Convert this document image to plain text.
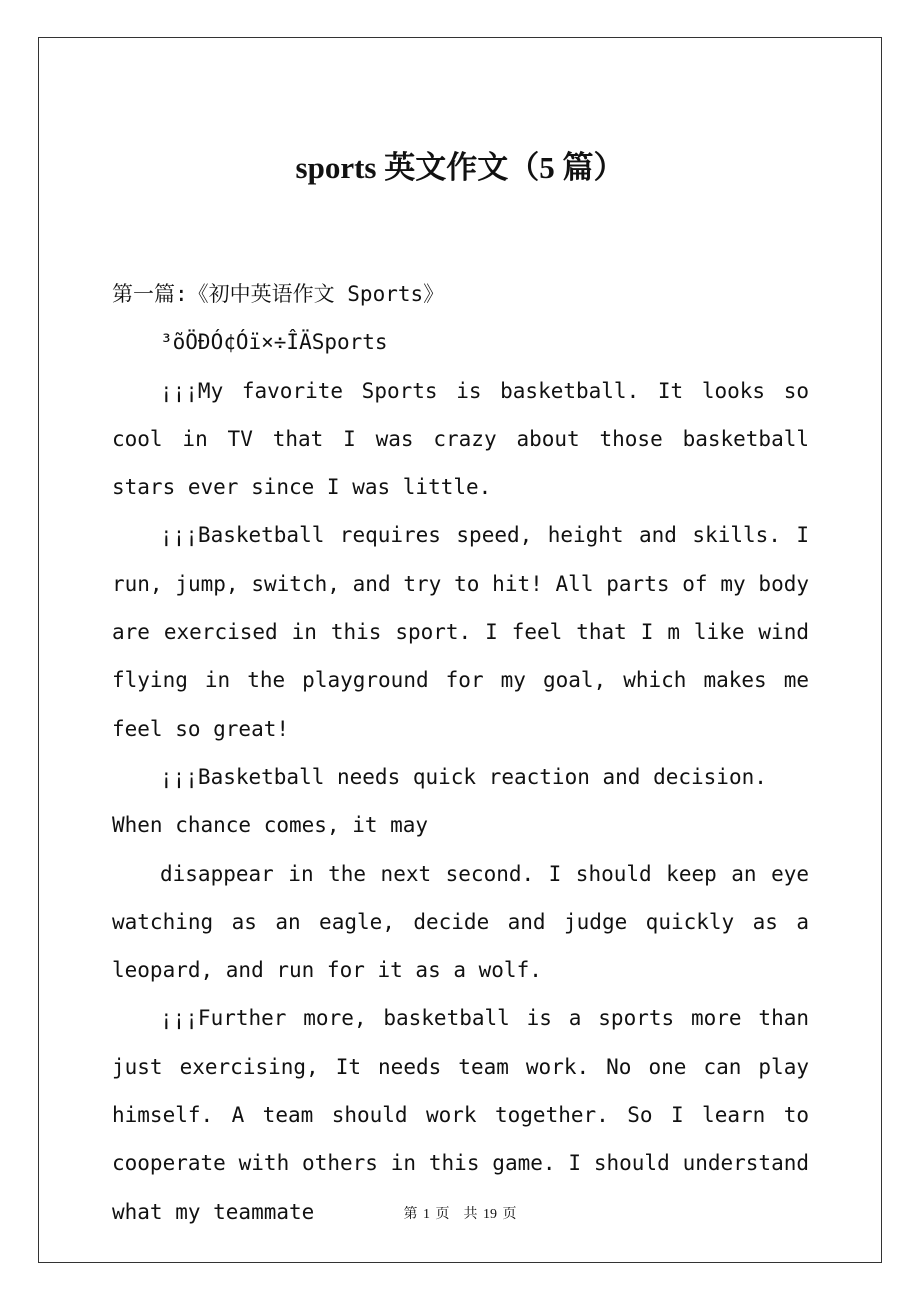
sports 英文作文（5 篇）

第一篇:《初中英语作文 Sports》

³õÖÐÓ¢Óï×÷ÎÄSports

¡¡¡My favorite Sports is basketball. It looks so cool in TV that I was crazy about those basketball stars ever since I was little.

¡¡¡Basketball requires speed, height and skills. I run, jump, switch, and try to hit! All parts of my body are exercised in this sport. I feel that I m like wind flying in the playground for my goal, which makes me feel so great!

¡¡¡Basketball needs quick reaction and decision. When chance comes, it may

disappear in the next second. I should keep an eye watching as an eagle, decide and judge quickly as a leopard, and run for it as a wolf.

¡¡¡Further more, basketball is a sports more than just exercising, It needs team work. No one can play himself. A team should work together. So I learn to cooperate with others in this game. I should understand what my teammate	第 1 页 共 19 页
